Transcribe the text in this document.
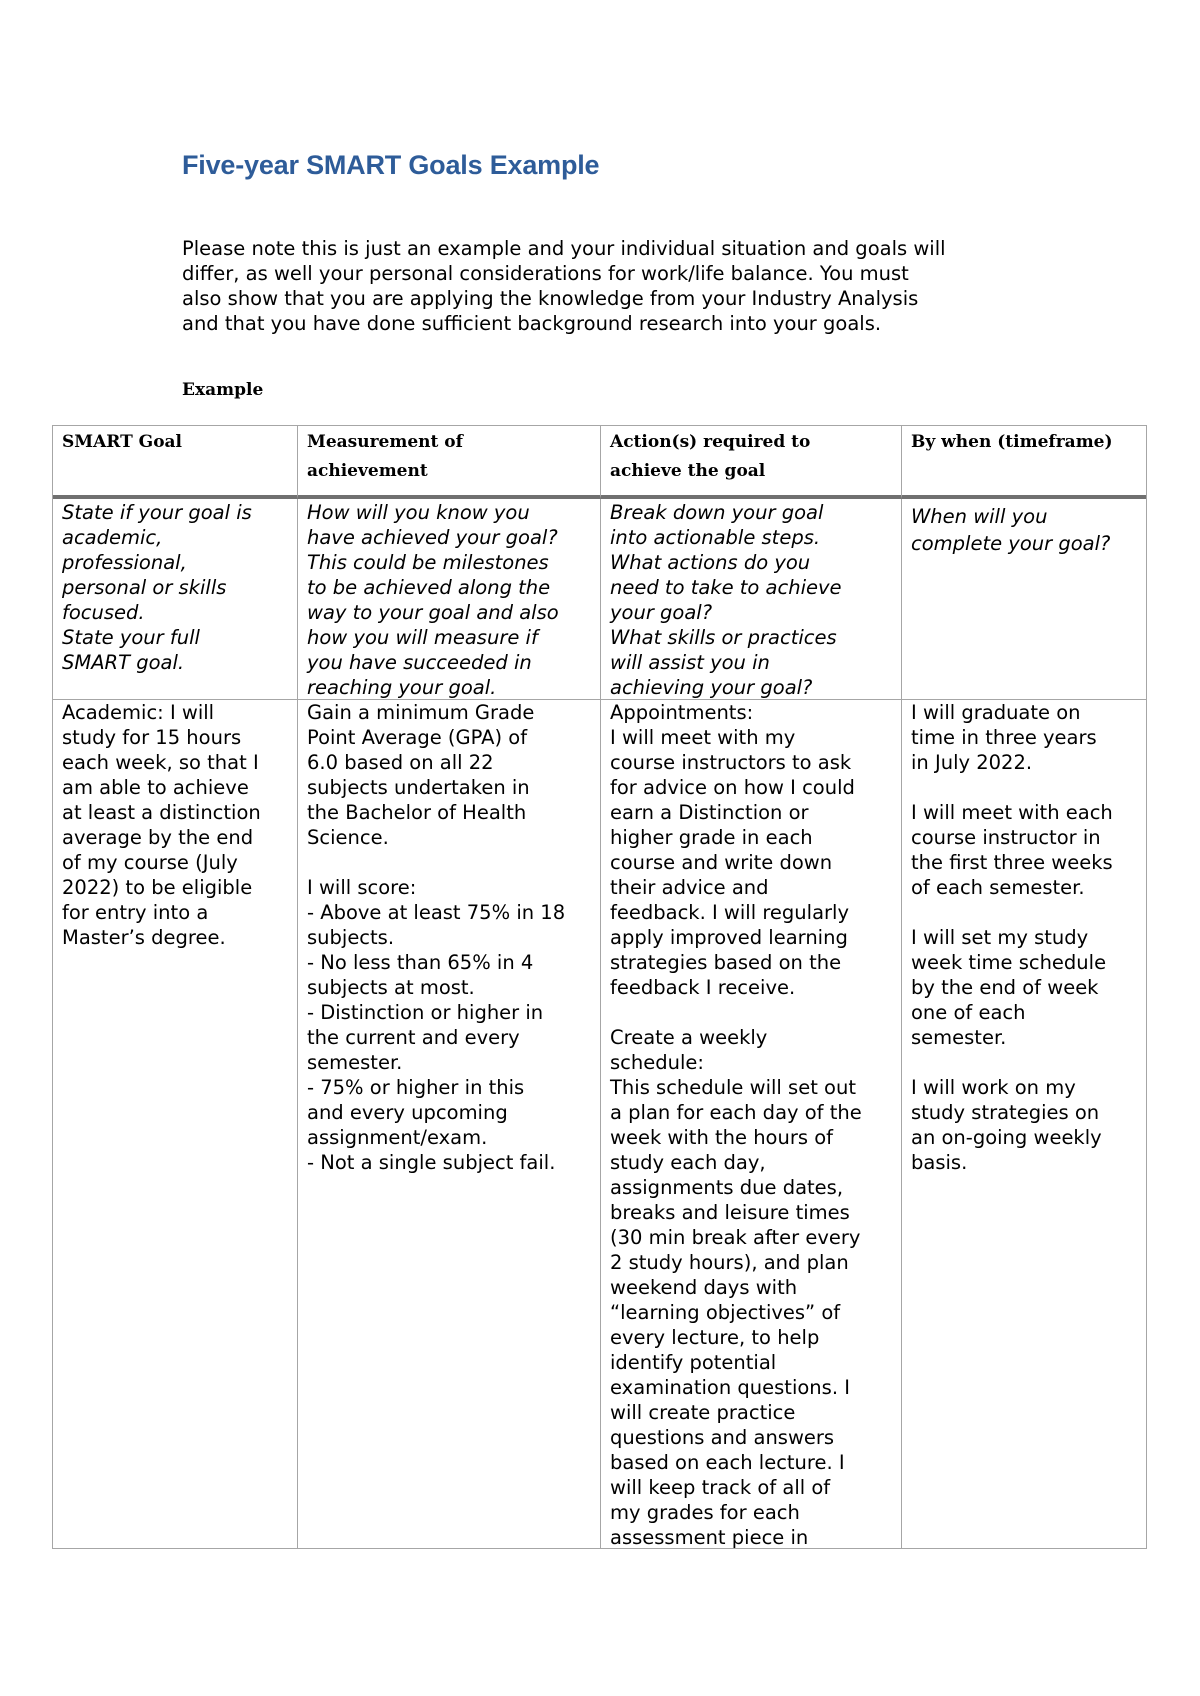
Five-year SMART Goals Example

Please note this is just an example and your individual situation and goals will
differ, as well your personal considerations for work/life balance. You must
also show that you are applying the knowledge from your Industry Analysis
and that you have done sufficient background research into your goals.

Example

SMART Goal	Measurement of
achievement
Action(s) required to
achieve the goal
By when (timeframe)
State if your goal is
academic,
professional,
personal or skills
focused.
State your full
SMART goal.
How will you know you
have achieved your goal?
This could be milestones
to be achieved along the
way to your goal and also
how you will measure if
you have succeeded in
reaching your goal.
Break down your goal
into actionable steps.
What actions do you
need to take to achieve
your goal?
What skills or practices
will assist you in
achieving your goal?
When will you
complete your goal?
Academic: I will
study for 15 hours
each week, so that I
am able to achieve
at least a distinction
average by the end
of my course (July
2022) to be eligible
for entry into a
Master’s degree.
Gain a minimum Grade
Point Average (GPA) of
6.0 based on all 22
subjects undertaken in
the Bachelor of Health
Science.

I will score:
- Above at least 75% in 18
subjects.
- No less than 65% in 4
subjects at most.
- Distinction or higher in
the current and every
semester.
- 75% or higher in this
and every upcoming
assignment/exam.
- Not a single subject fail.
Appointments:
I will meet with my
course instructors to ask
for advice on how I could
earn a Distinction or
higher grade in each
course and write down
their advice and
feedback. I will regularly
apply improved learning
strategies based on the
feedback I receive.

Create a weekly
schedule:
This schedule will set out
a plan for each day of the
week with the hours of
study each day,
assignments due dates,
breaks and leisure times
(30 min break after every
2 study hours), and plan
weekend days with
“learning objectives” of
every lecture, to help
identify potential
examination questions. I
will create practice
questions and answers
based on each lecture. I
will keep track of all of
my grades for each
assessment piece in
I will graduate on
time in three years
in July 2022.

I will meet with each
course instructor in
the first three weeks
of each semester.

I will set my study
week time schedule
by the end of week
one of each
semester.

I will work on my
study strategies on
an on-going weekly
basis.
